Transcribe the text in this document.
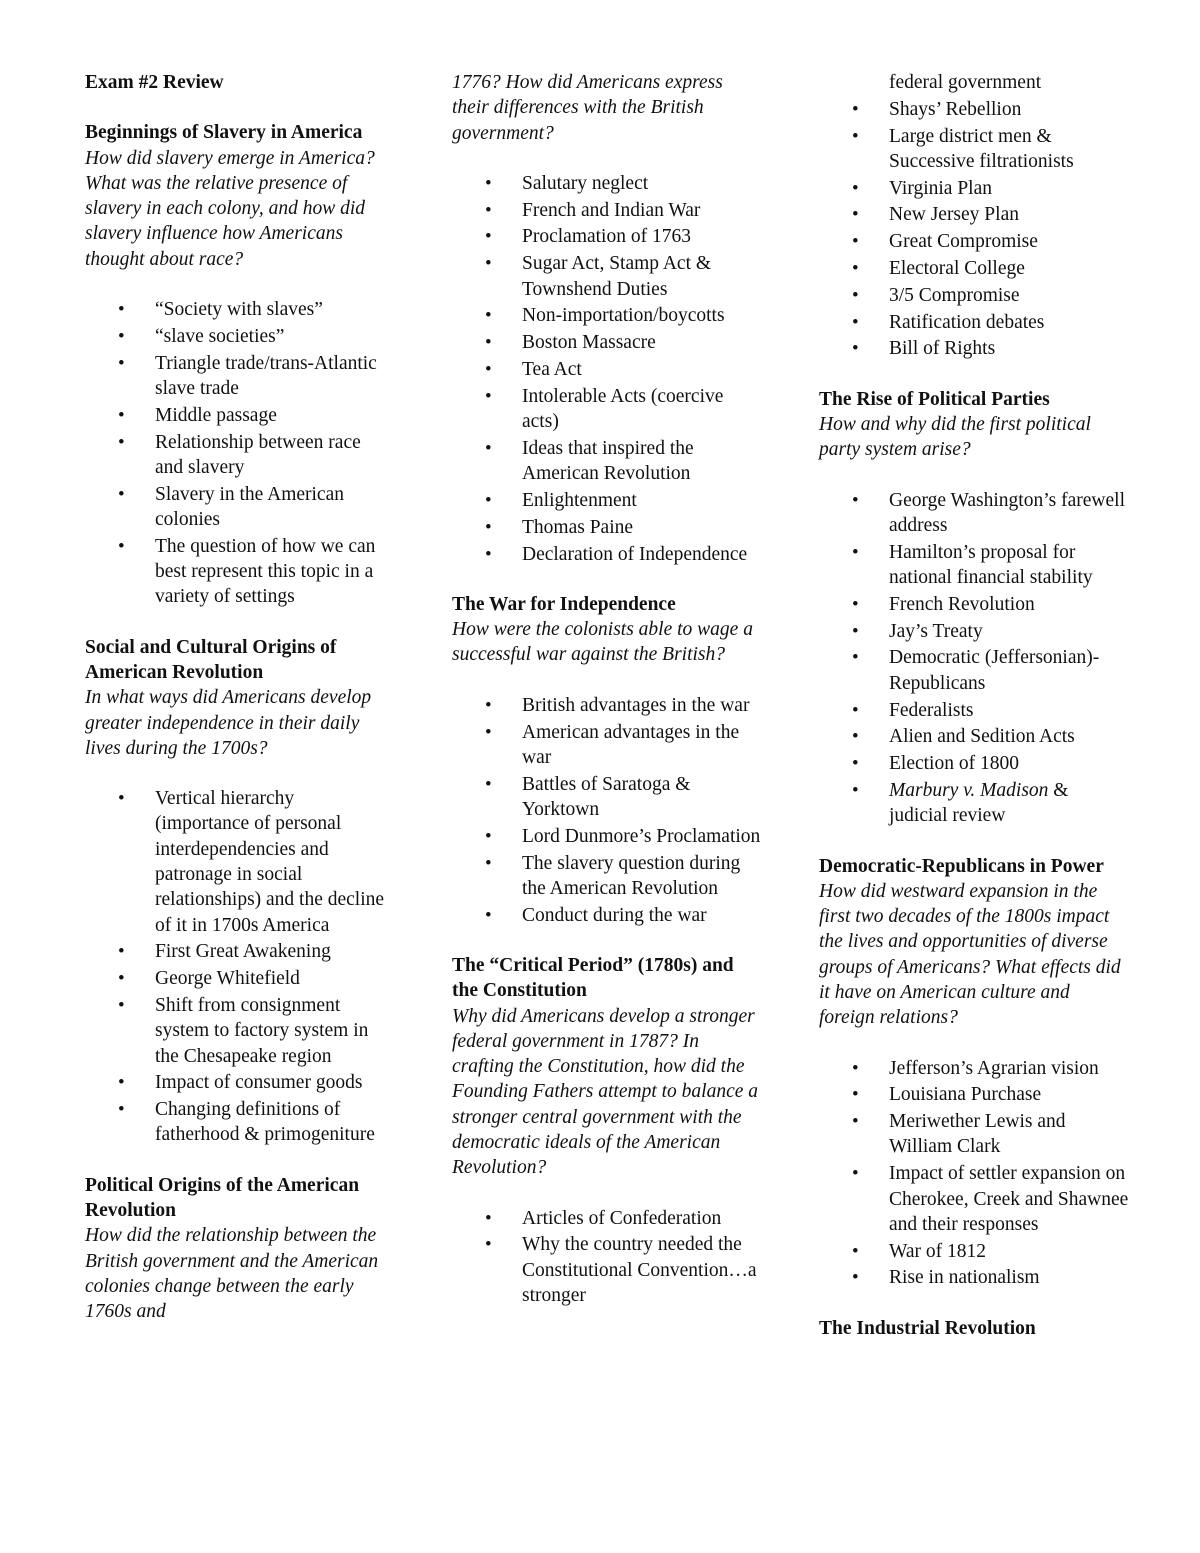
Exam #2 Review

Beginnings of Slavery in America

How did slavery emerge in America? What was the relative presence of slavery in each colony, and how did slavery influence how Americans thought about race?

• “Society with slaves”
• “slave societies”
• Triangle trade/trans-Atlantic slave trade
• Middle passage
• Relationship between race and slavery
• Slavery in the American colonies
• The question of how we can best represent this topic in a variety of settings

Social and Cultural Origins of American Revolution

In what ways did Americans develop greater independence in their daily lives during the 1700s?

• Vertical hierarchy (importance of personal interdependencies and patronage in social relationships) and the decline of it in 1700s America
• First Great Awakening
• George Whitefield
• Shift from consignment system to factory system in the Chesapeake region
• Impact of consumer goods
• Changing definitions of fatherhood & primogeniture

Political Origins of the American Revolution

How did the relationship between the British government and the American colonies change between the early 1760s and

1776? How did Americans express their differences with the British government?

• Salutary neglect
• French and Indian War
• Proclamation of 1763
• Sugar Act, Stamp Act & Townshend Duties
• Non-importation/boycotts
• Boston Massacre
• Tea Act
• Intolerable Acts (coercive acts)
• Ideas that inspired the American Revolution
• Enlightenment
• Thomas Paine
• Declaration of Independence

The War for Independence

How were the colonists able to wage a successful war against the British?

• British advantages in the war
• American advantages in the war
• Battles of Saratoga & Yorktown
• Lord Dunmore’s Proclamation
• The slavery question during the American Revolution
• Conduct during the war

The “Critical Period” (1780s) and the Constitution

Why did Americans develop a stronger federal government in 1787? In crafting the Constitution, how did the Founding Fathers attempt to balance a stronger central government with the democratic ideals of the American Revolution?

• Articles of Confederation
• Why the country needed the Constitutional Convention…a stronger

federal government

• Shays’ Rebellion
• Large district men & Successive filtrationists
• Virginia Plan
• New Jersey Plan
• Great Compromise
• Electoral College
• 3/5 Compromise
• Ratification debates
• Bill of Rights

The Rise of Political Parties

How and why did the first political party system arise?

• George Washington’s farewell address
• Hamilton’s proposal for national financial stability
• French Revolution
• Jay’s Treaty
• Democratic (Jeffersonian)-Republicans
• Federalists
• Alien and Sedition Acts
• Election of 1800
• Marbury v. Madison &
judicial review

Democratic-Republicans in Power

How did westward expansion in the first two decades of the 1800s impact the lives and opportunities of diverse groups of Americans? What effects did it have on American culture and foreign relations?

• Jefferson’s Agrarian vision
• Louisiana Purchase
• Meriwether Lewis and William Clark
• Impact of settler expansion on Cherokee, Creek and Shawnee and their responses
• War of 1812
• Rise in nationalism

The Industrial Revolution
